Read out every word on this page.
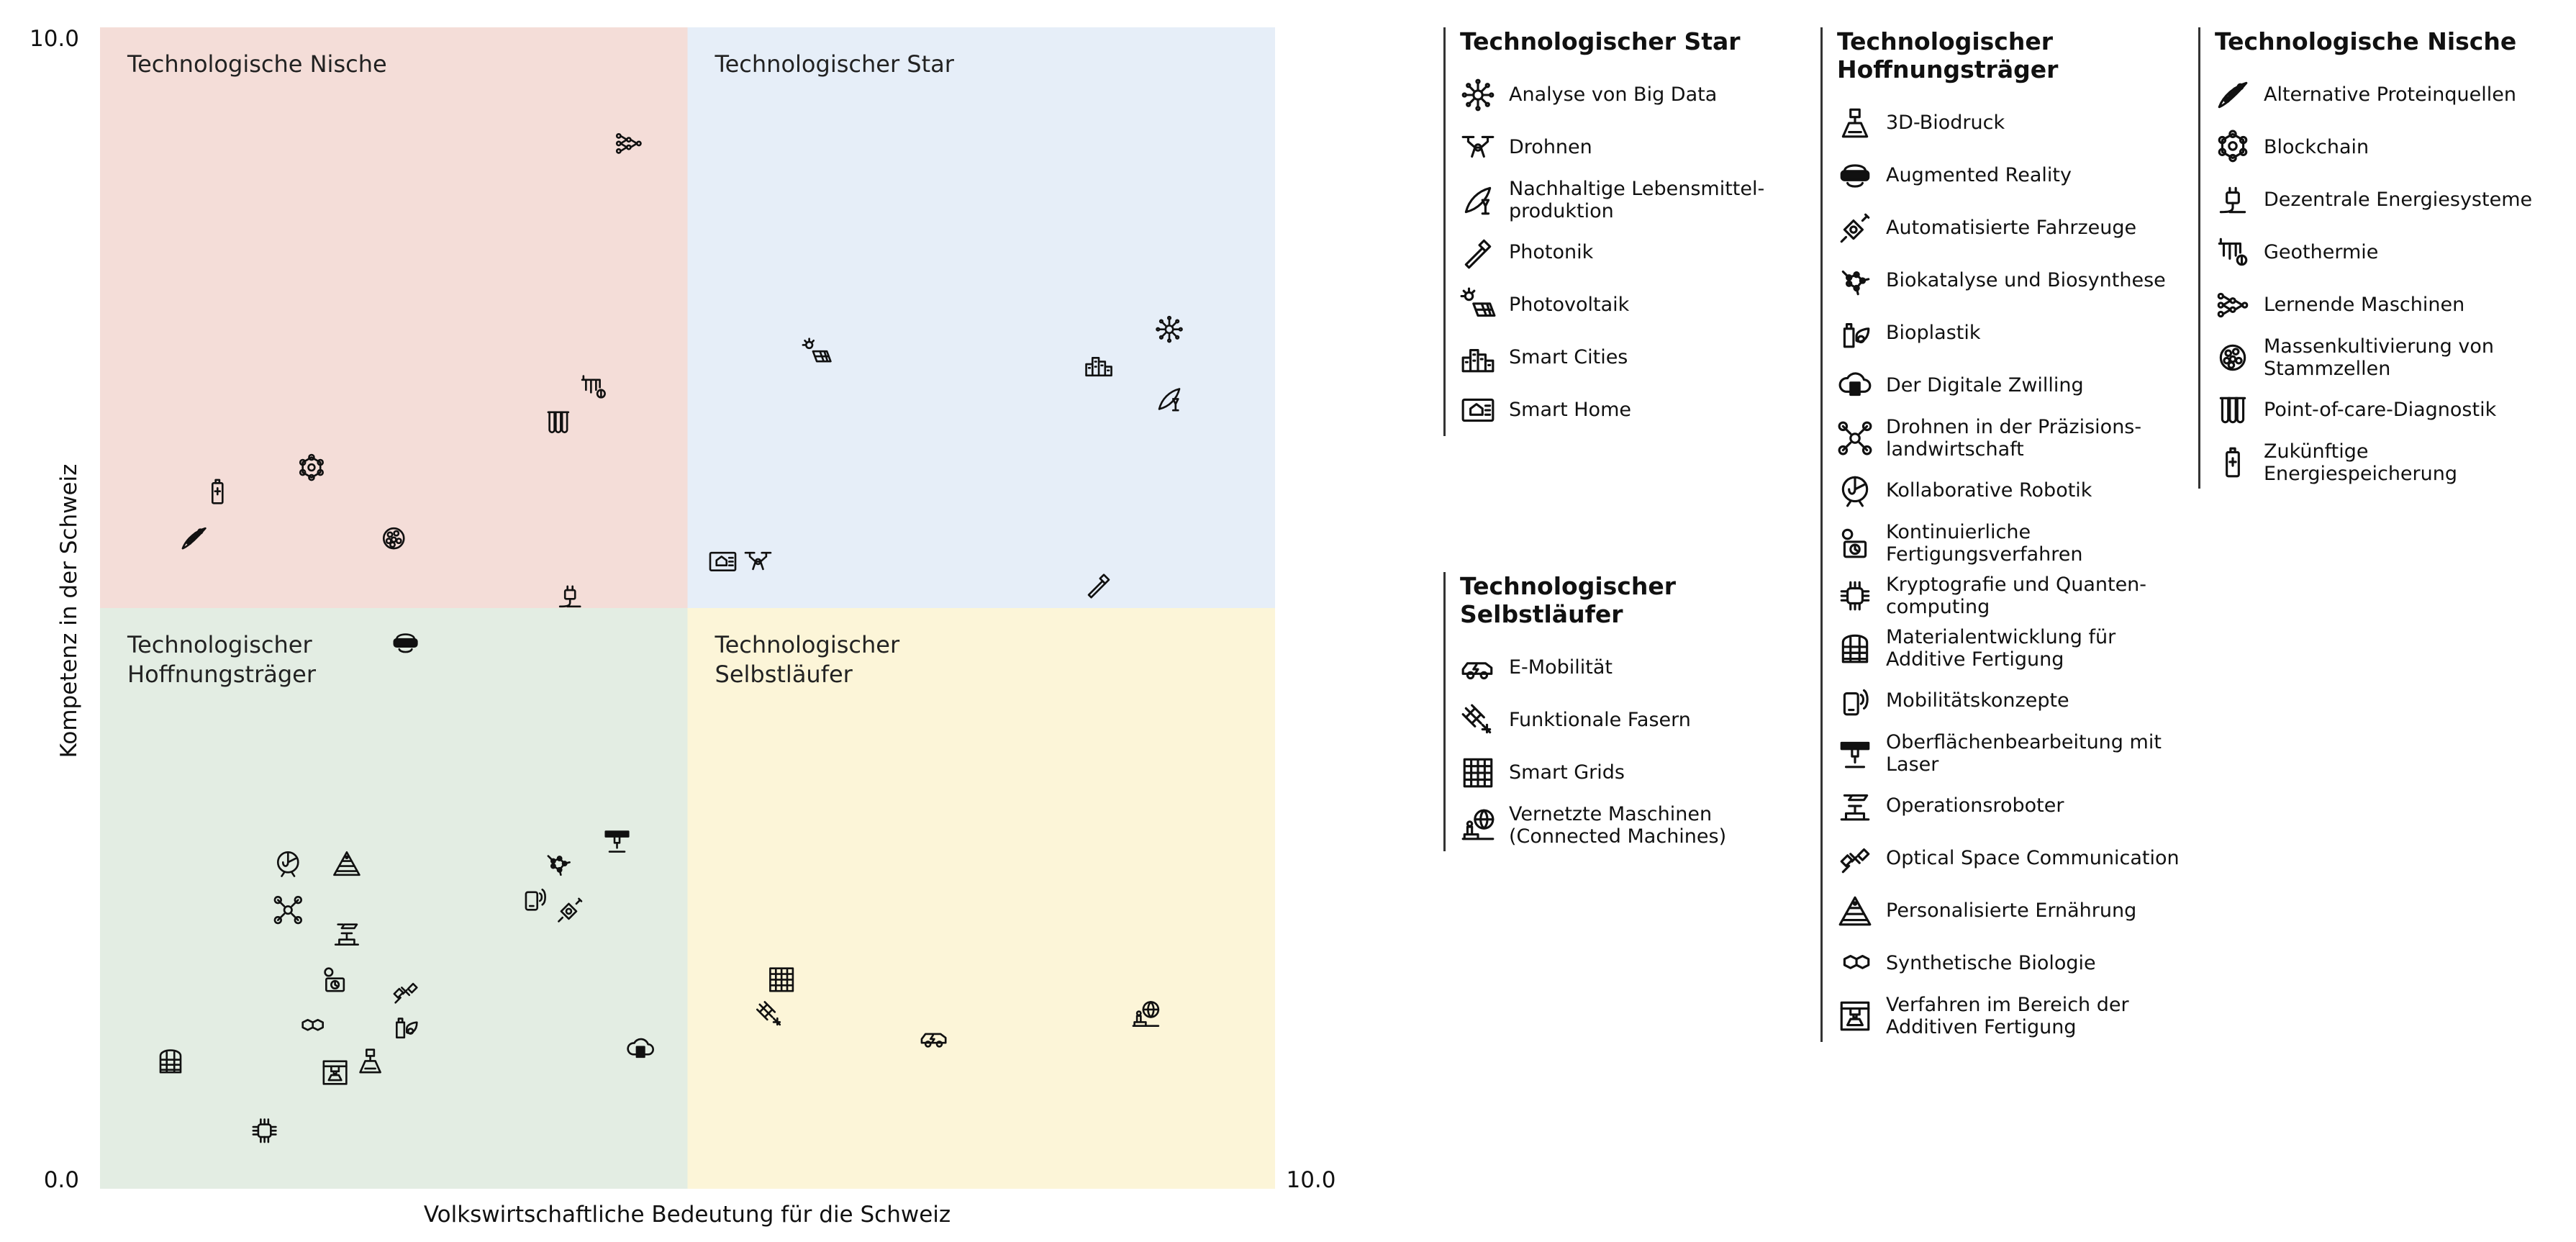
Technologische Nische	Technologischer Star
Technologischer Hoffnungsträger
Technologischer Selbstläufer
10.0
0.0	10.0
Volkswirtschaftliche Bedeutung für die Schweiz
Kompetenz in der Schweiz
Technologischer Star
Analyse von Big Data
Drohnen
Nachhaltige Lebensmittel-produktion
Photonik
Photovoltaik
Smart Cities
Smart Home
Technologischer Selbstläufer
E-Mobilität
Funktionale Fasern
Smart Grids
Vernetzte Maschinen (Connected Machines)
Technologischer Hoffnungsträger
3D-Biodruck
Augmented Reality
Automatisierte Fahrzeuge
Biokatalyse und Biosynthese
Bioplastik
Der Digitale Zwilling
Drohnen in der Präzisions-landwirtschaft
Kollaborative Robotik
Kontinuierliche Fertigungsverfahren
Kryptografie und Quanten-computing
Materialentwicklung für Additive Fertigung
Mobilitätskonzepte
Oberflächenbearbeitung mit Laser
Operationsroboter
Optical Space Communication
Personalisierte Ernährung
Synthetische Biologie
Verfahren im Bereich der Additiven Fertigung
Technologische Nische
Alternative Proteinquellen
Blockchain
Dezentrale Energiesysteme
Geothermie
Lernende Maschinen
Massenkultivierung von Stammzellen
Point-of-care-Diagnostik
Zukünftige Energiespeicherung
